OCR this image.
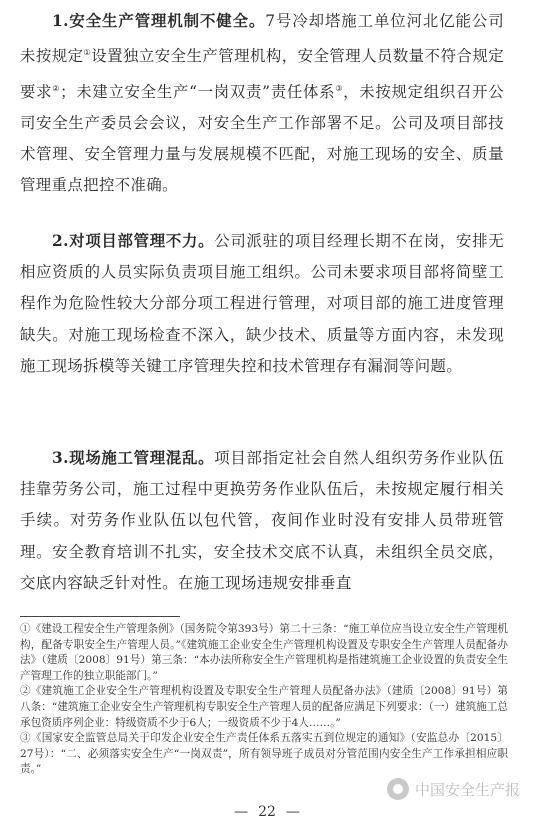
1.安全生产管理机制不健全。7号冷却塔施工单位河北亿能公司未按规定①设置独立安全生产管理机构，安全管理人员数量不符合规定要求②；未建立安全生产“一岗双责”责任体系③，未按规定组织召开公司安全生产委员会会议，对安全生产工作部署不足。公司及项目部技术管理、安全管理力量与发展规模不匹配，对施工现场的安全、质量管理重点把控不准确。

2.对项目部管理不力。公司派驻的项目经理长期不在岗，安排无相应资质的人员实际负责项目施工组织。公司未要求项目部将简壁工程作为危险性较大分部分项工程进行管理，对项目部的施工进度管理缺失。对施工现场检查不深入，缺少技术、质量等方面内容，未发现施工现场拆模等关键工序管理失控和技术管理存有漏洞等问题。

3.现场施工管理混乱。项目部指定社会自然人组织劳务作业队伍挂靠劳务公司，施工过程中更换劳务作业队伍后，未按规定履行相关手续。对劳务作业队伍以包代管，夜间作业时没有安排人员带班管理。安全教育培训不扎实，安全技术交底不认真，未组织全员交底，交底内容缺乏针对性。在施工现场违规安排垂直

①《建设工程安全生产管理条例》（国务院令第393号）第二十三条：“施工单位应当设立安全生产管理机构，配备专职安全生产管理人员。”《建筑施工企业安全生产管理机构设置及专职安全生产管理人员配备办法》（建质〔2008〕91号）第三条：“本办法所称安全生产管理机构是指建筑施工企业设置的负责安全生产管理工作的独立职能部门。”

②《建筑施工企业安全生产管理机构设置及专职安全生产管理人员配备办法》（建质〔2008〕91号）第八条：“建筑施工企业安全生产管理机构专职安全生产管理人员的配备应满足下列要求：（一）建筑施工总承包资质序列企业：特级资质不少于6人；一级资质不少于4人……。”

③《国家安全监管总局关于印发企业安全生产责任体系五落实五到位规定的通知》（安监总办〔2015〕27号）：“二、必须落实安全生产“一岗双责”，所有领导班子成员对分管范围内安全生产工作承担相应职责。”

中国安全生产报
— 22 —
